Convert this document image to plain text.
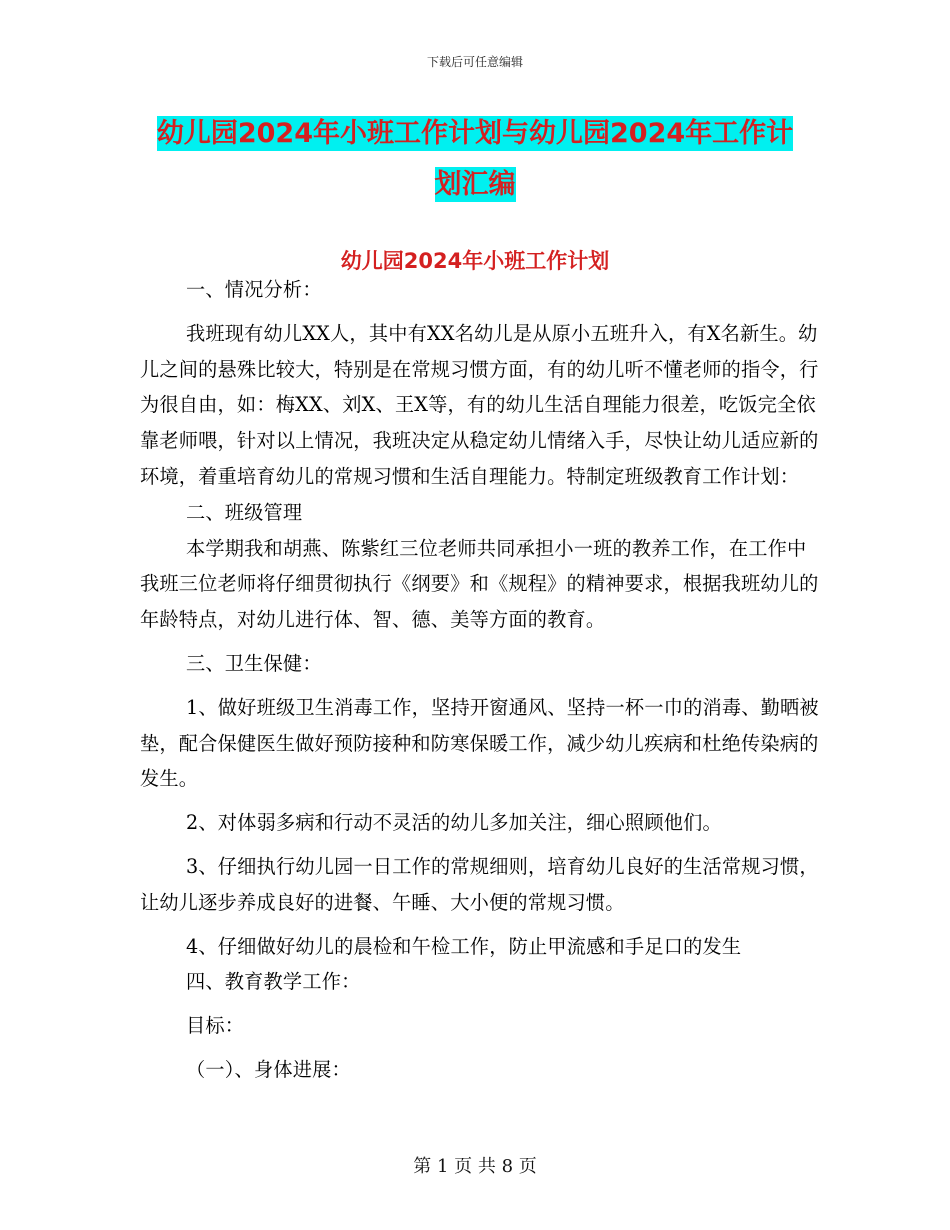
下载后可任意编辑
幼儿园2024年小班工作计划与幼儿园2024年工作计
划汇编
幼儿园2024年小班工作计划

一、情况分析：

我班现有幼儿XX人，其中有XX名幼儿是从原小五班升入，有X名新生。幼儿之间的悬殊比较大，特别是在常规习惯方面，有的幼儿听不懂老师的指令，行为很自由，如：梅XX、刘X、王X等，有的幼儿生活自理能力很差，吃饭完全依靠老师喂，针对以上情况，我班决定从稳定幼儿情绪入手，尽快让幼儿适应新的环境，着重培育幼儿的常规习惯和生活自理能力。特制定班级教育工作计划：

二、班级管理

本学期我和胡燕、陈紫红三位老师共同承担小一班的教养工作，在工作中我班三位老师将仔细贯彻执行《纲要》和《规程》的精神要求，根据我班幼儿的年龄特点，对幼儿进行体、智、德、美等方面的教育。

三、卫生保健：

1、做好班级卫生消毒工作，坚持开窗通风、坚持一杯一巾的消毒、勤晒被垫，配合保健医生做好预防接种和防寒保暖工作，减少幼儿疾病和杜绝传染病的发生。

2、对体弱多病和行动不灵活的幼儿多加关注，细心照顾他们。

3、仔细执行幼儿园一日工作的常规细则，培育幼儿良好的生活常规习惯，让幼儿逐步养成良好的进餐、午睡、大小便的常规习惯。

4、仔细做好幼儿的晨检和午检工作，防止甲流感和手足口的发生

四、教育教学工作：

目标：

（一）、身体进展：

第 1 页 共 8 页
